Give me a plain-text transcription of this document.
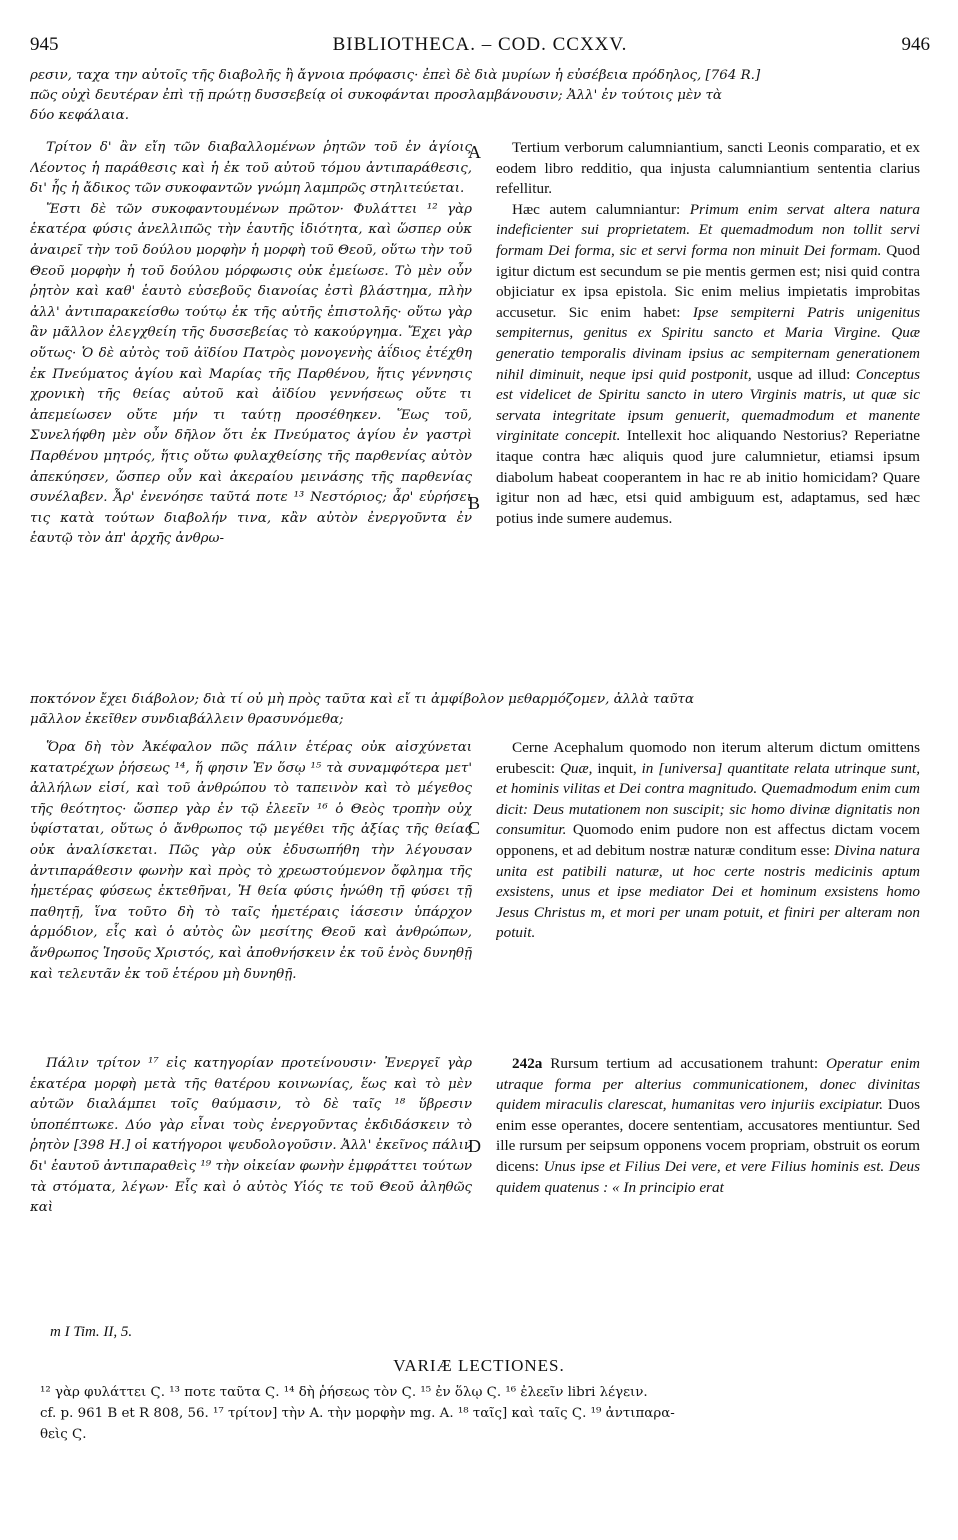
945	BIBLIOTHECA. – COD. CCXXV.	946
ρεσιν, ταχα την αὐτοῖς τῆς διαβολῆς ἢ ἄγνοια πρόφασις· ἐπεὶ δὲ διὰ μυρίων ἡ εὐσέβεια πρόδηλος, [764 R.]
πῶς οὐχὶ δευτέραν ἐπὶ τῇ πρώτῃ δυσσεβείᾳ οἱ συκοφάνται προσλαμβάνουσιν; Ἀλλ' ἐν τούτοις μὲν τὰ
δύο κεφάλαια.

Τρίτον δ' ἂν εἴη τῶν διαβαλλομένων ῥητῶν τοῦ ἐν ἁγίοις Λέοντος ἡ παράθεσις καὶ ἡ ἐκ τοῦ αὐτοῦ τόμου ἀντιπαράθεσις, δι' ἧς ἡ ἄδικος τῶν συκοφαντῶν γνώμη λαμπρῶς στηλιτεύεται.

Ἔστι δὲ τῶν συκοφαντουμένων πρῶτον· Φυλάττει ¹² γὰρ ἑκατέρα φύσις ἀνελλιπῶς τὴν ἑαυτῆς ἰδιότητα, καὶ ὥσπερ οὐκ ἀναιρεῖ τὴν τοῦ δούλου μορφὴν ἡ μορφὴ τοῦ Θεοῦ, οὕτω τὴν τοῦ Θεοῦ μορφὴν ἡ τοῦ δούλου μόρφωσις οὐκ ἐμείωσε. Τὸ μὲν οὖν ῥητὸν καὶ καθ' ἑαυτὸ εὐσεβοῦς διανοίας ἐστὶ βλάστημα, πλὴν ἀλλ' ἀντιπαρακείσθω τούτῳ ἐκ τῆς αὐτῆς ἐπιστολῆς· οὕτω γὰρ ἂν μᾶλλον ἐλεγχθείη τῆς δυσσεβείας τὸ κακούργημα. Ἔχει γὰρ οὕτως· Ὁ δὲ αὐτὸς τοῦ ἀϊδίου Πατρὸς μονογενὴς ἀΐδιος ἐτέχθη ἐκ Πνεύματος ἁγίου καὶ Μαρίας τῆς Παρθένου, ἥτις γέννησις χρονικὴ τῆς θείας αὐτοῦ καὶ ἀϊδίου γεννήσεως οὔτε τι ἀπεμείωσεν οὔτε μήν τι ταύτῃ προσέθηκεν. Ἕως τοῦ, Συνελήφθη μὲν οὖν δῆλον ὅτι ἐκ Πνεύματος ἁγίου ἐν γαστρὶ Παρθένου μητρός, ἥτις οὕτω φυλαχθείσης τῆς παρθενίας αὐτὸν ἀπεκύησεν, ὥσπερ οὖν καὶ ἀκεραίου μεινάσης τῆς παρθενίας συνέλαβεν. Ἆρ' ἐνενόησε ταῦτά ποτε ¹³ Νεστόριος; ἆρ' εὑρήσει τις κατὰ τούτων διαβολήν τινα, κἂν αὐτὸν ἐνεργοῦντα ἐν ἑαυτῷ τὸν ἀπ' ἀρχῆς ἀνθρω-

A
B

Tertium verborum calumniantium, sancti Leonis comparatio, et ex eodem libro redditio, qua injusta calumniantium sententia clarius refellitur.

Hæc autem calumniantur: Primum enim servat altera natura indeficienter sui proprietatem. Et quemadmodum non tollit servi formam Dei forma, sic et servi forma non minuit Dei formam. Quod igitur dictum est secundum se pie mentis germen est; nisi quid contra objiciatur ex ipsa epistola. Sic enim melius impietatis improbitas accusetur. Sic enim habet: Ipse sempiterni Patris unigenitus sempiternus, genitus ex Spiritu sancto et Maria Virgine. Quæ generatio temporalis divinam ipsius ac sempiternam generationem nihil diminuit, neque ipsi quid postponit, usque ad illud: Conceptus est videlicet de Spiritu sancto in utero Virginis matris, ut quæ sic servata integritate ipsum genuerit, quemadmodum et manente virginitate concepit. Intellexit hoc aliquando Nestorius? Reperiatne itaque contra hæc aliquis quod jure calumnietur, etiamsi ipsum diabolum habeat cooperantem in hac re ab initio homicidam? Quare igitur non ad hæc, etsi quid ambiguum est, adaptamus, sed hæc potius inde sumere audemus.

ποκτόνον ἔχει διάβολον; διὰ τί οὐ μὴ πρὸς ταῦτα καὶ εἴ τι ἀμφίβολον μεθαρμόζομεν, ἀλλὰ ταῦτα
μᾶλλον ἐκεῖθεν συνδιαβάλλειν θρασυνόμεθα;

Ὅρα δὴ τὸν Ἀκέφαλον πῶς πάλιν ἑτέρας οὐκ αἰσχύνεται κατατρέχων ῥήσεως ¹⁴, ἥ φησιν Ἐν ὅσῳ ¹⁵ τὰ συναμφότερα μετ' ἀλλήλων εἰσί, καὶ τοῦ ἀνθρώπου τὸ ταπεινὸν καὶ τὸ μέγεθος τῆς θεότητος· ὥσπερ γὰρ ἐν τῷ ἐλεεῖν ¹⁶ ὁ Θεὸς τροπὴν οὐχ ὑφίσταται, οὕτως ὁ ἄνθρωπος τῷ μεγέθει τῆς ἀξίας τῆς θείας οὐκ ἀναλίσκεται. Πῶς γὰρ οὐκ ἐδυσωπήθη τὴν λέγουσαν ἀντιπαράθεσιν φωνὴν καὶ πρὸς τὸ χρεωστούμενον ὄφλημα τῆς ἡμετέρας φύσεως ἐκτεθῆναι, Ἡ θεία φύσις ἡνώθη τῇ φύσει τῇ παθητῇ, ἵνα τοῦτο δὴ τὸ ταῖς ἡμετέραις ἰάσεσιν ὑπάρχον ἁρμόδιον, εἷς καὶ ὁ αὐτὸς ὢν μεσίτης Θεοῦ καὶ ἀνθρώπων, ἄνθρωπος Ἰησοῦς Χριστός, καὶ ἀποθνήσκειν ἐκ τοῦ ἑνὸς δυνηθῇ καὶ τελευτᾶν ἐκ τοῦ ἑτέρου μὴ δυνηθῇ.

C

Cerne Acephalum quomodo non iterum alterum dictum omittens erubescit: Quæ, inquit, in [universa] quantitate relata utrinque sunt, et hominis vilitas et Dei contra magnitudo. Quemadmodum enim cum dicit: Deus mutationem non suscipit; sic homo divinæ dignitatis non consumitur. Quomodo enim pudore non est affectus dictam vocem opponens, et ad debitum nostræ naturæ conditum esse: Divina natura unita est patibili naturæ, ut hoc certe nostris medicinis aptum exsistens, unus et ipse mediator Dei et hominum exsistens homo Jesus Christus m, et mori per unam potuit, et finiri per alteram non potuit.

Πάλιν τρίτον ¹⁷ εἰς κατηγορίαν προτείνουσιν· Ἐνεργεῖ γὰρ ἑκατέρα μορφὴ μετὰ τῆς θατέρου κοινωνίας, ἕως καὶ τὸ μὲν αὐτῶν διαλάμπει τοῖς θαύμασιν, τὸ δὲ ταῖς ¹⁸ ὕβρεσιν ὑποπέπτωκε. Δύο γὰρ εἶναι τοὺς ἐνεργοῦντας ἐκδιδάσκειν τὸ ῥητὸν [398 H.] οἱ κατήγοροι ψευδολογοῦσιν. Ἀλλ' ἐκεῖνος πάλιν δι' ἑαυτοῦ ἀντιπαραθεὶς ¹⁹ τὴν οἰκείαν φωνὴν ἐμφράττει τούτων τὰ στόματα, λέγων· Εἷς καὶ ὁ αὐτὸς Υἱός τε τοῦ Θεοῦ ἀληθῶς καὶ

D

242a Rursum tertium ad accusationem trahunt: Operatur enim utraque forma per alterius communicationem, donec divinitas quidem miraculis clarescat, humanitas vero injuriis excipiatur. Duos enim esse operantes, docere sententiam, accusatores mentiuntur. Sed ille rursum per seipsum opponens vocem propriam, obstruit os eorum dicens: Unus ipse et Filius Dei vere, et vere Filius hominis est. Deus quidem quatenus : « In principio erat

m I Tim. II, 5.
VARIÆ LECTIONES.
¹² γὰρ φυλάττει Ϛ. ¹³ ποτε ταῦτα Ϛ. ¹⁴ δὴ ῥήσεως τὸν Ϛ. ¹⁵ ἐν ὅλῳ Ϛ. ¹⁶ ἐλεεῖν libri λέγειν.
cf. p. 961 B et R 808, 56. ¹⁷ τρίτον] τὴν Α. τὴν μορφὴν mg. Α. ¹⁸ ταῖς] καὶ ταῖς Ϛ. ¹⁹ ἀντιπαρα-
θεὶς Ϛ.
